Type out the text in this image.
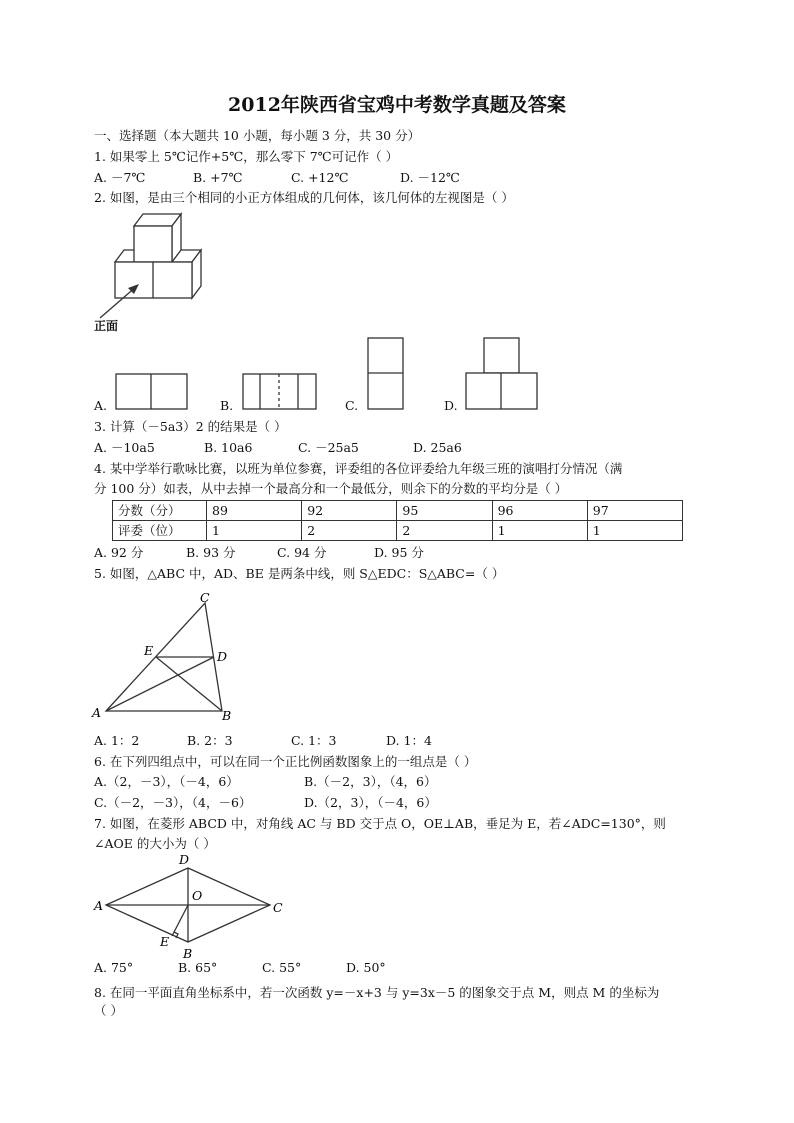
2012年陕西省宝鸡中考数学真题及答案
一、选择题（本大题共 10 小题，每小题 3 分，共 30 分）
1. 如果零上 5℃记作+5℃，那么零下 7℃可记作（ ）
A. －7℃	B. +7℃	C. +12℃	D. －12℃
2. 如图，是由三个相同的小正方体组成的几何体，该几何体的左视图是（ ）
正面
A.	B.	C.	D.
3. 计算（－5a3）2 的结果是（ ）
A. －10a5	B. 10a6	C. －25a5	D. 25a6
4. 某中学举行歌咏比赛，以班为单位参赛，评委组的各位评委给九年级三班的演唱打分情况（满
分 100 分）如表，从中去掉一个最高分和一个最低分，则余下的分数的平均分是（ ）
分数（分）	89	92	95	96	97
评委（位）	1	2	2	1	1
A. 92 分	B. 93 分	C. 94 分	D. 95 分
5. 如图，△ABC 中，AD、BE 是两条中线，则 S△EDC：S△ABC=（ ）
A. 1：2	B. 2：3	C. 1：3	D. 1：4
6. 在下列四组点中，可以在同一个正比例函数图象上的一组点是（ ）
A.（2，－3），（－4，6）	B.（－2，3），（4，6）
C.（－2，－3），（4，－6）	D.（2，3），（－4，6）
7. 如图，在菱形 ABCD 中，对角线 AC 与 BD 交于点 O，OE⊥AB，垂足为 E，若∠ADC=130°，则
∠AOE 的大小为（ ）
A. 75°	B. 65°	C. 55°	D. 50°
8. 在同一平面直角坐标系中，若一次函数 y=－x+3 与 y=3x－5 的图象交于点 M，则点 M 的坐标为
（ ）
A	B
C
D
E
A
B
C
D
O
E
